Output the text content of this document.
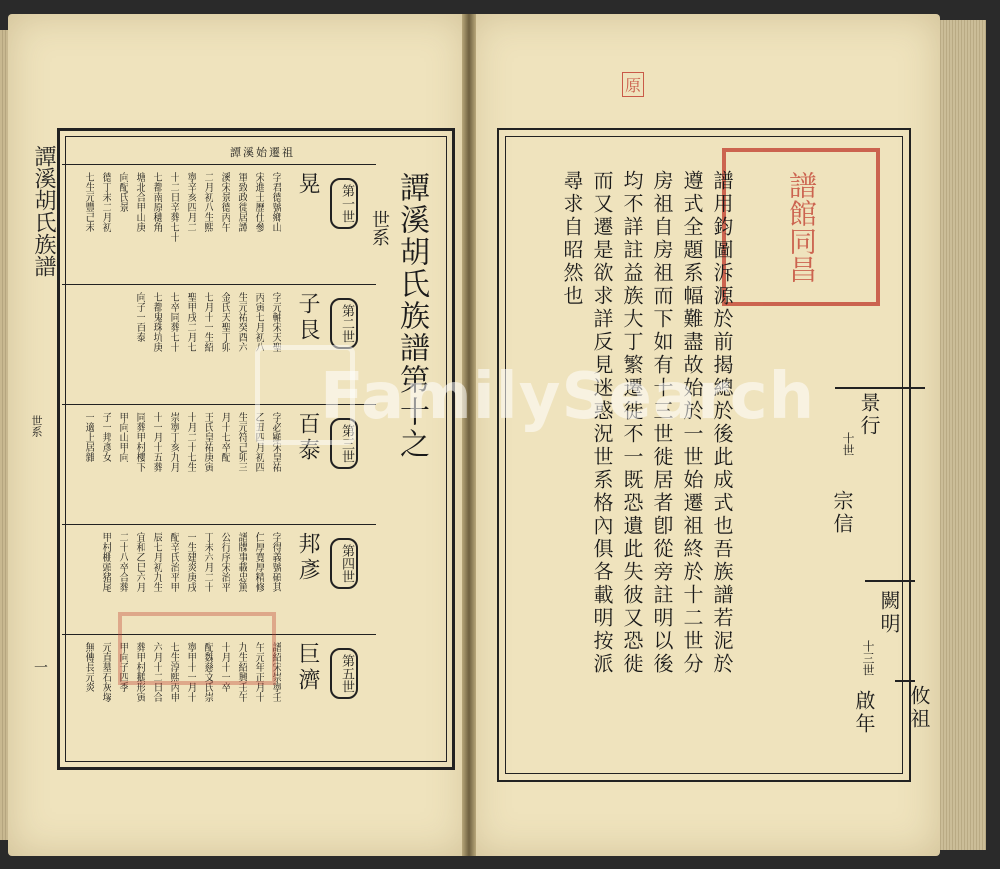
譚溪胡氏族譜
世系
一
譚溪始遷祖
譚溪胡氏族譜第十之
世系
第一世
晃
字君德號鄉山
宋進士歷仕參
軍致政徙居譚
溪宋景德丙午
二月初八生熙
寧辛亥四月二
十二日辛葬七十
七都南原穗角
塘北合甲山庚
向配氏景
德丁未二月初
七生元豐己未
第二世
子艮
字元輔宋天聖
丙寅七月初八
生元祐癸酉六
金氏天聖丁卯
七月十一生紹
聖甲戌二月七
七卒同葬七十
七都鬼珠坑庚
向子一百泰
第三世
百泰
字必顯宋皇祐
乙丑四月初四
生元符己卯三
月十七卒配
王氏皇祐庚寅
十月二十七生
崇寧丁亥九月
十一月十五葬
同葬甲村樓下
甲向山甲向
子一邦彥女
一適上居雜
第四世
邦彥
字得義號碩其
仁厚寬厚精修
譜牒事載忠篤
公行序宋治平
丁未六月二十
一生建炎庚戌
配辛氏治平甲
辰七月初九生
宜和乙巳六月
二十八卒合葬
甲村棚頭猪尾
第五世
巨濟
譜紹宋崇寧壬
午元年正月十
九生紹興壬午
十月十一卒
配魏慈文氏崇
寧甲十一月十
七生淳熙丙申
六月十二日合
葬甲村鵝形寅
甲向子四季
元直墓石灰塚
無傳長元炎
原
譜館同昌
譜用鈞圖泝源於前揭總於後此成式也吾族譜若泥於
遵式全題系幅難盡故始於一世始遷祖終於十二世分
房祖自房祖而下如有十三世徙居者卽從旁註明以後
均不詳註益族大丁繁遷徙不一既恐遺此失彼又恐徙
而又遷是欲求詳反見迷惑況世系格內俱各載明按派
尋求自昭然也
景行
十世
宗信
闕明
十三世
啟年 攸祖
FamilySearch
